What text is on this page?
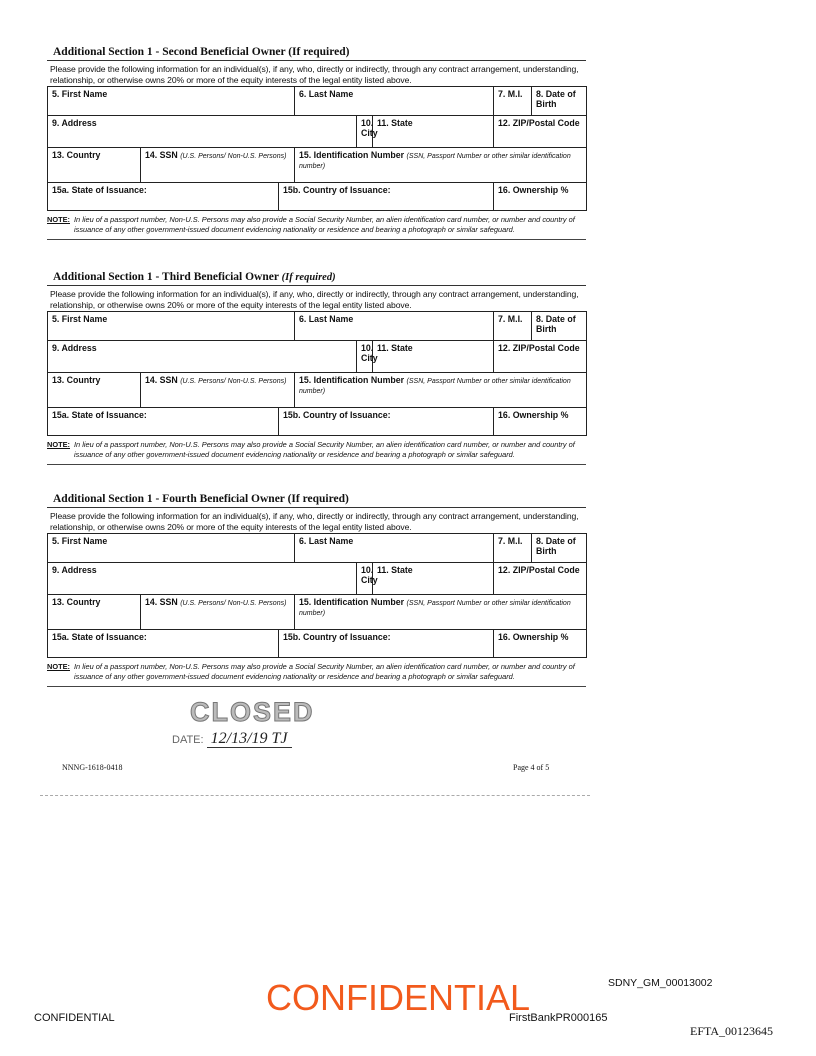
Additional Section 1 - Second Beneficial Owner (If required)
Please provide the following information for an individual(s), if any, who, directly or indirectly, through any contract arrangement, understanding, relationship, or otherwise owns 20% or more of the equity interests of the legal entity listed above.
5. First Name			6. Last Name			7. M.I.	8. Date of Birth
9. Address				10. City	11. State	12. ZIP/Postal Code	
13. Country	14. SSN (U.S. Persons/ Non-U.S. Persons)		15. Identification Number (SSN, Passport Number or other similar identification number)				
15a. State of Issuance:		15b. Country of Issuance:				16. Ownership %	
NOTE: In lieu of a passport number, Non-U.S. Persons may also provide a Social Security Number, an alien identification card number, or number and country of issuance of any other government-issued document evidencing nationality or residence and bearing a photograph or similar safeguard.
Additional Section 1 - Third Beneficial Owner (If required)
Please provide the following information for an individual(s), if any, who, directly or indirectly, through any contract arrangement, understanding, relationship, or otherwise owns 20% or more of the equity interests of the legal entity listed above.
5. First Name			6. Last Name			7. M.I.	8. Date of Birth
9. Address				10. City	11. State	12. ZIP/Postal Code	
13. Country	14. SSN (U.S. Persons/ Non-U.S. Persons)		15. Identification Number (SSN, Passport Number or other similar identification number)				
15a. State of Issuance:		15b. Country of Issuance:				16. Ownership %	
NOTE: In lieu of a passport number, Non-U.S. Persons may also provide a Social Security Number, an alien identification card number, or number and country of issuance of any other government-issued document evidencing nationality or residence and bearing a photograph or similar safeguard.
Additional Section 1 - Fourth Beneficial Owner (If required)
Please provide the following information for an individual(s), if any, who, directly or indirectly, through any contract arrangement, understanding, relationship, or otherwise owns 20% or more of the equity interests of the legal entity listed above.
5. First Name			6. Last Name			7. M.I.	8. Date of Birth
9. Address				10. City	11. State	12. ZIP/Postal Code	
13. Country	14. SSN (U.S. Persons/ Non-U.S. Persons)		15. Identification Number (SSN, Passport Number or other similar identification number)				
15a. State of Issuance:		15b. Country of Issuance:				16. Ownership %	
NOTE: In lieu of a passport number, Non-U.S. Persons may also provide a Social Security Number, an alien identification card number, or number and country of issuance of any other government-issued document evidencing nationality or residence and bearing a photograph or similar safeguard.
CLOSED
DATE: 12/13/19 TJ
NNNG-1618-0418	Page 4 of 5
CONFIDENTIAL
CONFIDENTIAL
SDNY_GM_00013002
FirstBankPR000165
EFTA_00123645
